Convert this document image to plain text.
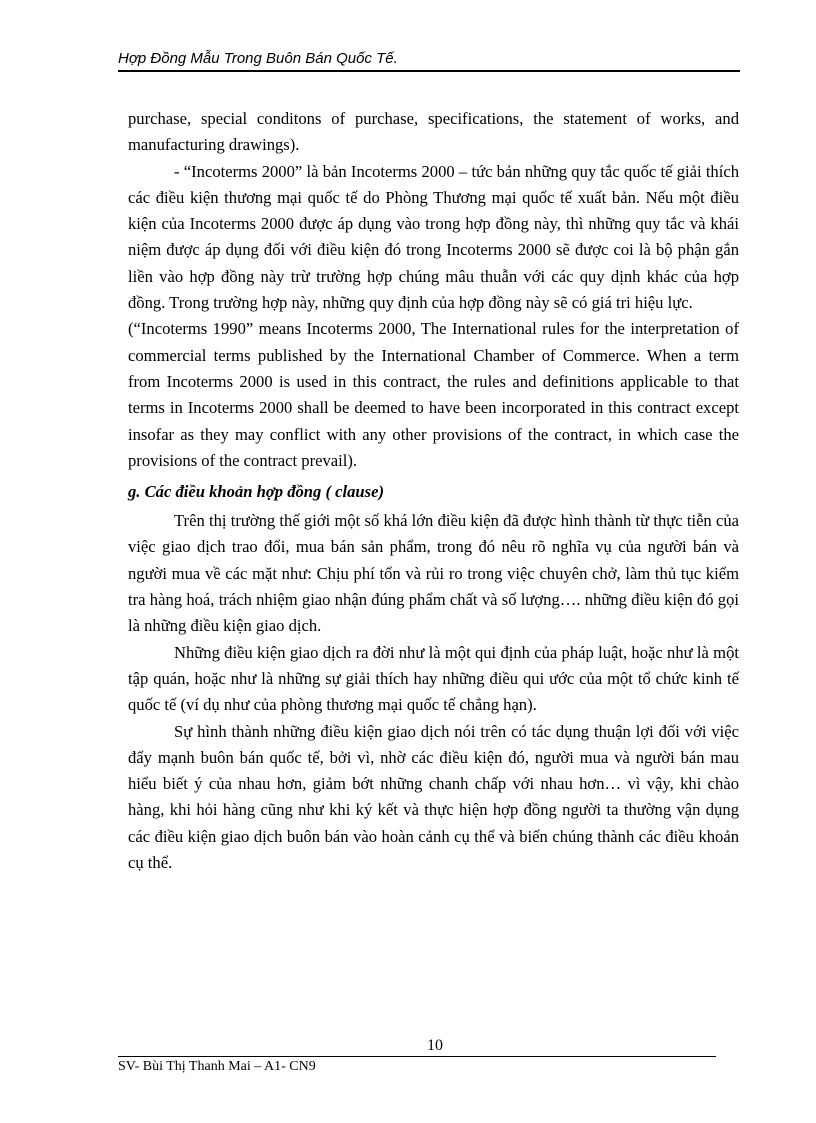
Hợp Đồng Mẫu Trong Buôn Bán Quốc Tế.

purchase, special conditons of purchase, specifications, the statement of works, and manufacturing drawings).

- “Incoterms 2000” là bản Incoterms 2000 – tức bản những quy tắc quốc tế giải thích các điều kiện thương mại quốc tế do Phòng Thương mại quốc tế xuất bản. Nếu một điều kiện của Incoterms 2000 được áp dụng vào trong hợp đồng này, thì những quy tắc và khái niệm được áp dụng đối với điều kiện đó trong Incoterms 2000 sẽ được coi là bộ phận gắn liền vào hợp đồng này trừ trường hợp chúng mâu thuẫn với các quy dịnh khác của hợp đồng. Trong trường hợp này, những quy định của hợp đồng này sẽ có giá tri hiệu lực.

(“Incoterms 1990” means Incoterms 2000, The International rules for the interpretation of commercial terms published by the International Chamber of Commerce. When a term from Incoterms 2000 is used in this contract, the rules and definitions applicable to that terms in Incoterms 2000 shall be deemed to have been incorporated in this contract except insofar as they may conflict with any other provisions of the contract, in which case the provisions of the contract prevail).

g. Các điều khoản hợp đồng ( clause)

Trên thị trường thế giới một số khá lớn điều kiện đã được hình thành từ thực tiễn của việc giao dịch trao đổi, mua bán sản phẩm, trong đó nêu rõ nghĩa vụ của người bán và người mua về các mặt như: Chịu phí tổn và rủi ro trong việc chuyên chở, làm thủ tục kiểm tra hàng hoá, trách nhiệm giao nhận đúng phẩm chất và số lượng…. những điều kiện đó gọi là những điều kiện giao dịch.

Những điều kiện giao dịch ra đời như là một qui định của pháp luật, hoặc như là một tập quán, hoặc như là những sự giải thích hay những điều qui ước của một tổ chức kinh tế quốc tế (ví dụ như của phòng thương mại quốc tế chẳng hạn).

Sự hình thành những điều kiện giao dịch nói trên có tác dụng thuận lợi đối với việc đẩy mạnh buôn bán quốc tế, bởi vì, nhờ các điều kiện đó, người mua và người bán mau hiểu biết ý của nhau hơn, giảm bớt những chanh chấp với nhau hơn… vì vậy, khi chào hàng, khi hỏi hàng cũng như khi ký kết và thực hiện hợp đồng người ta thường vận dụng các điều kiện giao dịch buôn bán vào hoàn cảnh cụ thể và biến chúng thành các điều khoản cụ thể.

10
SV- Bùi Thị Thanh Mai – A1- CN9
